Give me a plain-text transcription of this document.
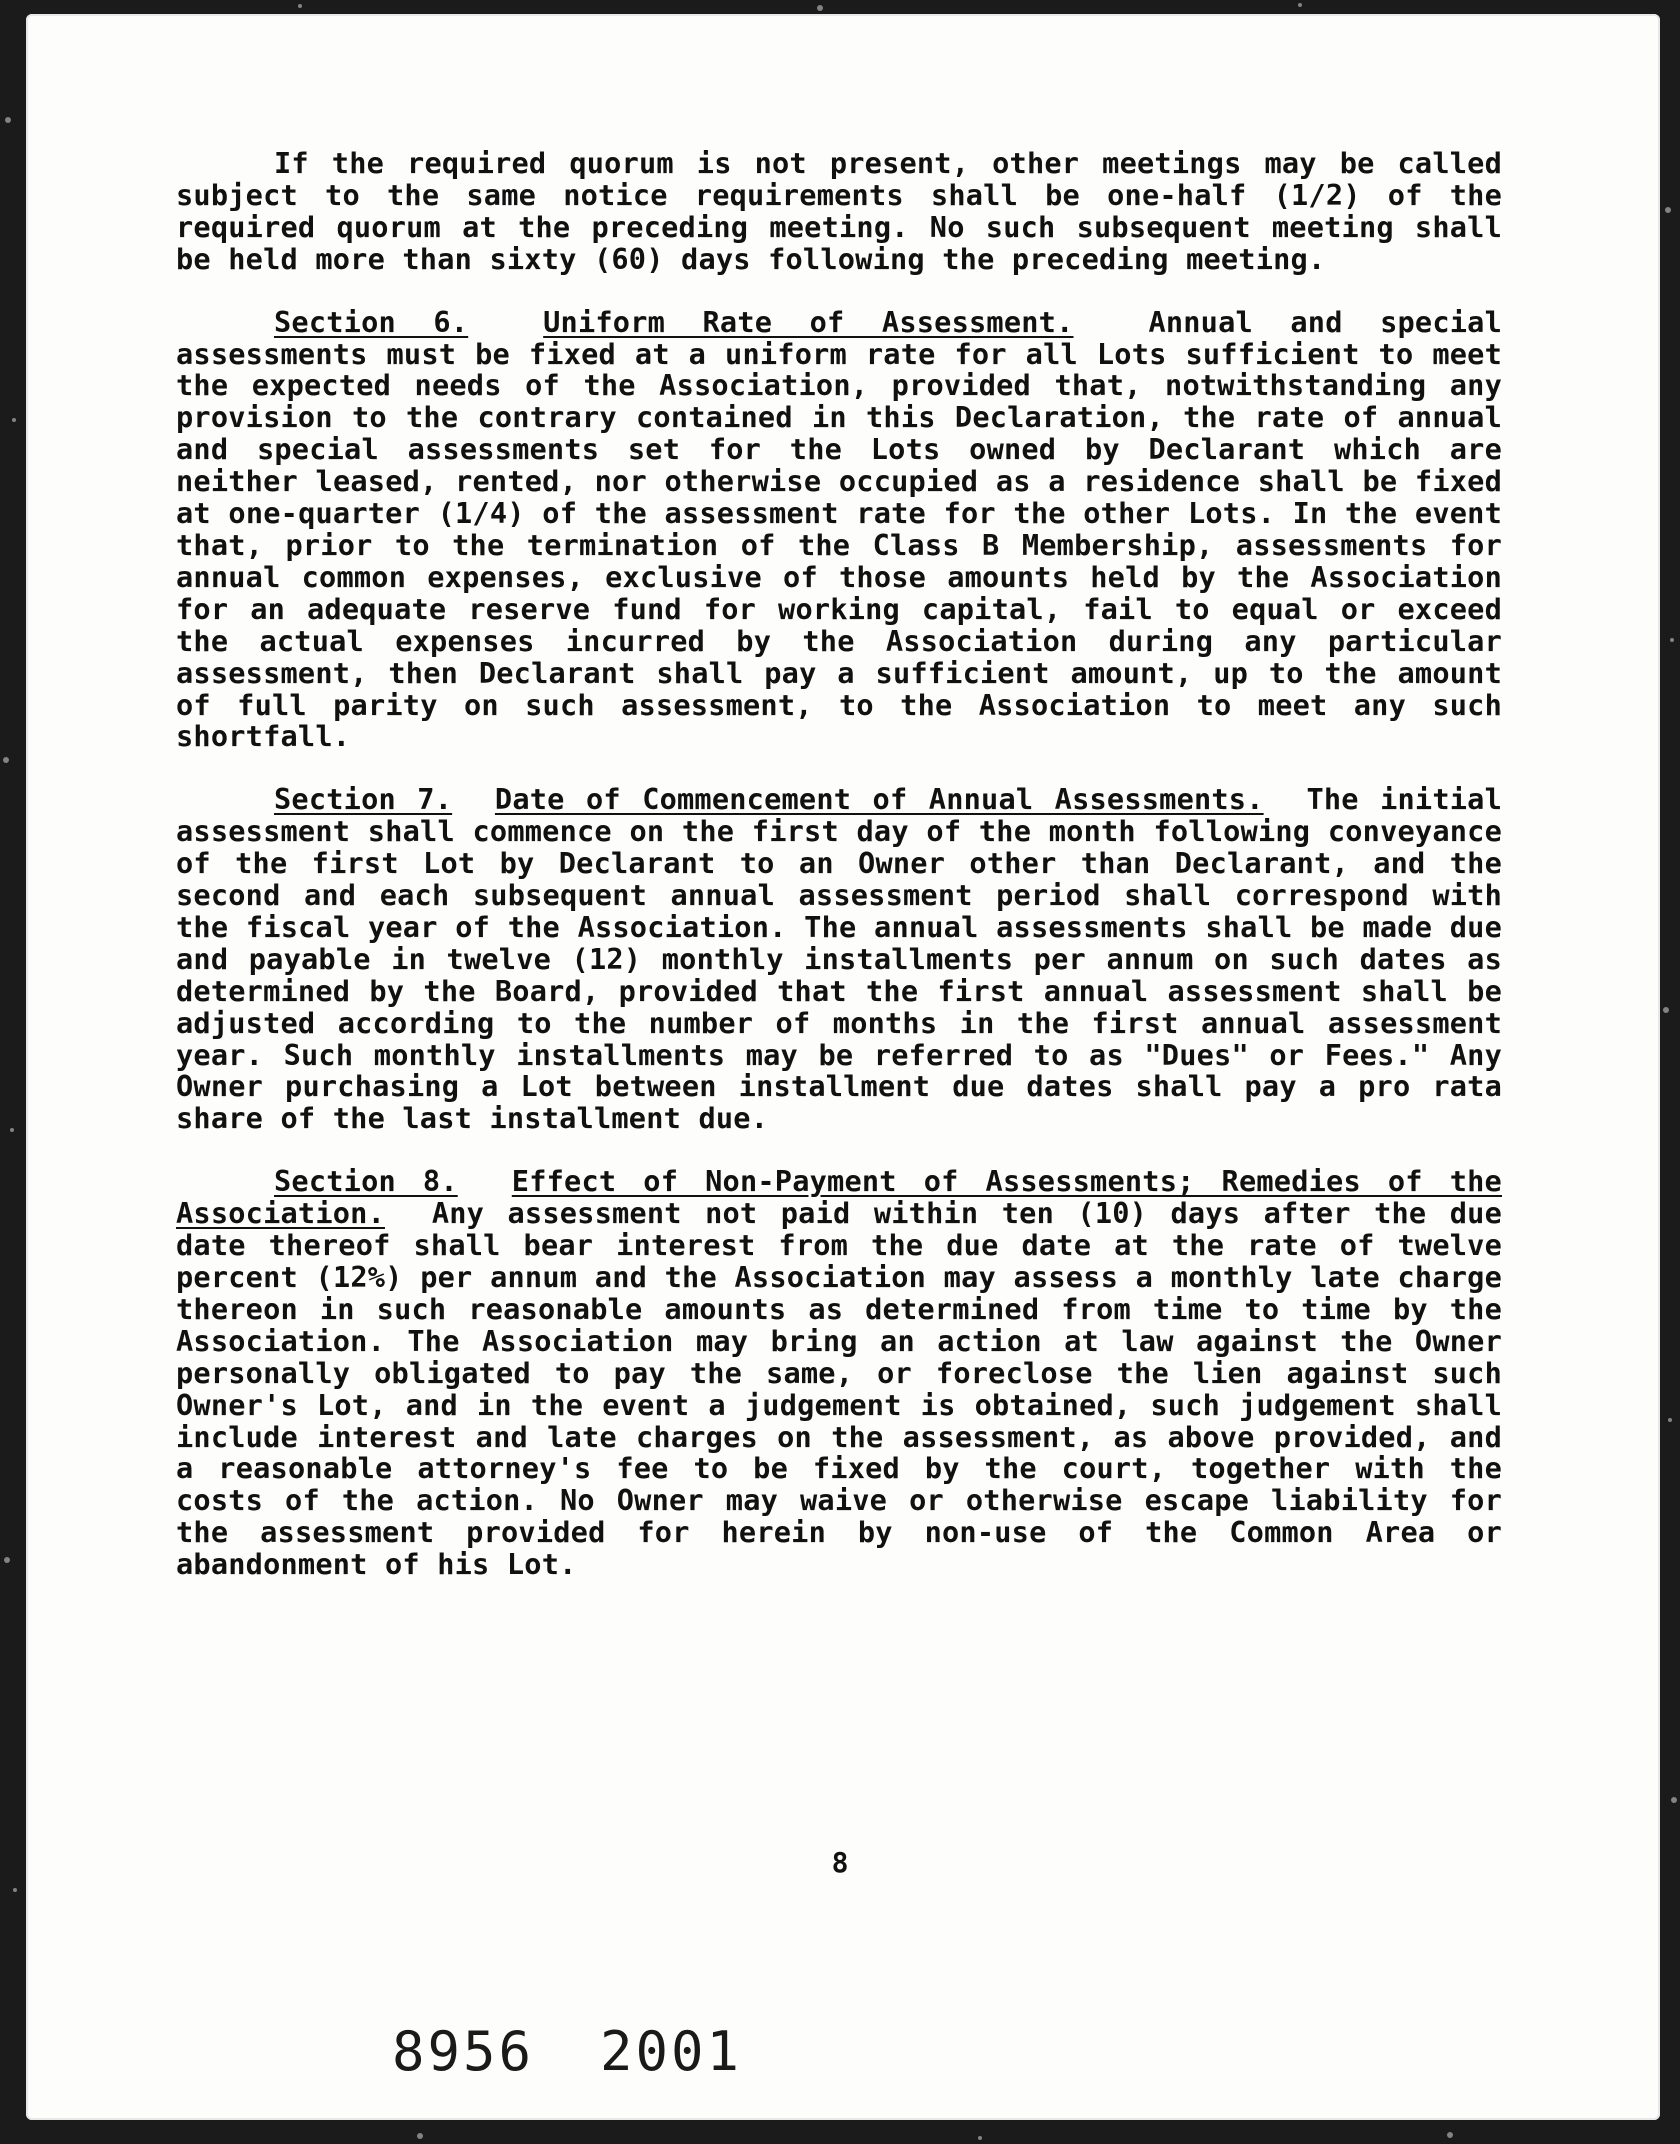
If the required quorum is not present, other meetings may be called subject to the same notice requirements shall be one-half (1/2) of the required quorum at the preceding meeting. No such subsequent meeting shall be held more than sixty (60) days following the preceding meeting.

Section 6.	Uniform Rate of Assessment.	Annual and special assessments must be fixed at a uniform rate for all Lots sufficient to meet the expected needs of the Association, provided that, notwithstanding any provision to the contrary contained in this Declaration, the rate of annual and special assessments set for the Lots owned by Declarant which are neither leased, rented, nor otherwise occupied as a residence shall be fixed at one-quarter (1/4) of the assessment rate for the other Lots. In the event that, prior to the termination of the Class B Membership, assessments for annual common expenses, exclusive of those amounts held by the Association for an adequate reserve fund for working capital, fail to equal or exceed the actual expenses incurred by the Association during any particular assessment, then Declarant shall pay a sufficient amount, up to the amount of full parity on such assessment, to the Association to meet any such shortfall.

Section 7. Date of Commencement of Annual Assessments. The initial assessment shall commence on the first day of the month following conveyance of the first Lot by Declarant to an Owner other than Declarant, and the second and each subsequent annual assessment period shall correspond with the fiscal year of the Association. The annual assessments shall be made due and payable in twelve (12) monthly installments per annum on such dates as determined by the Board, provided that the first annual assessment shall be adjusted according to the number of months in the first annual assessment year. Such monthly installments may be referred to as "Dues" or Fees." Any Owner purchasing a Lot between installment due dates shall pay a pro rata share of the last installment due.

Section 8. Effect of Non-Payment of Assessments; Remedies of the Association. Any assessment not paid within ten (10) days after the due date thereof shall bear interest from the due date at the rate of twelve percent (12%) per annum and the Association may assess a monthly late charge thereon in such reasonable amounts as determined from time to time by the Association. The Association may bring an action at law against the Owner personally obligated to pay the same, or foreclose the lien against such Owner's Lot, and in the event a judgement is obtained, such judgement shall include interest and late charges on the assessment, as above provided, and a reasonable attorney's fee to be fixed by the court, together with the costs of the action. No Owner may waive or otherwise escape liability for the assessment provided for herein by non-use of the Common Area or abandonment of his Lot.

8
8956 2001
